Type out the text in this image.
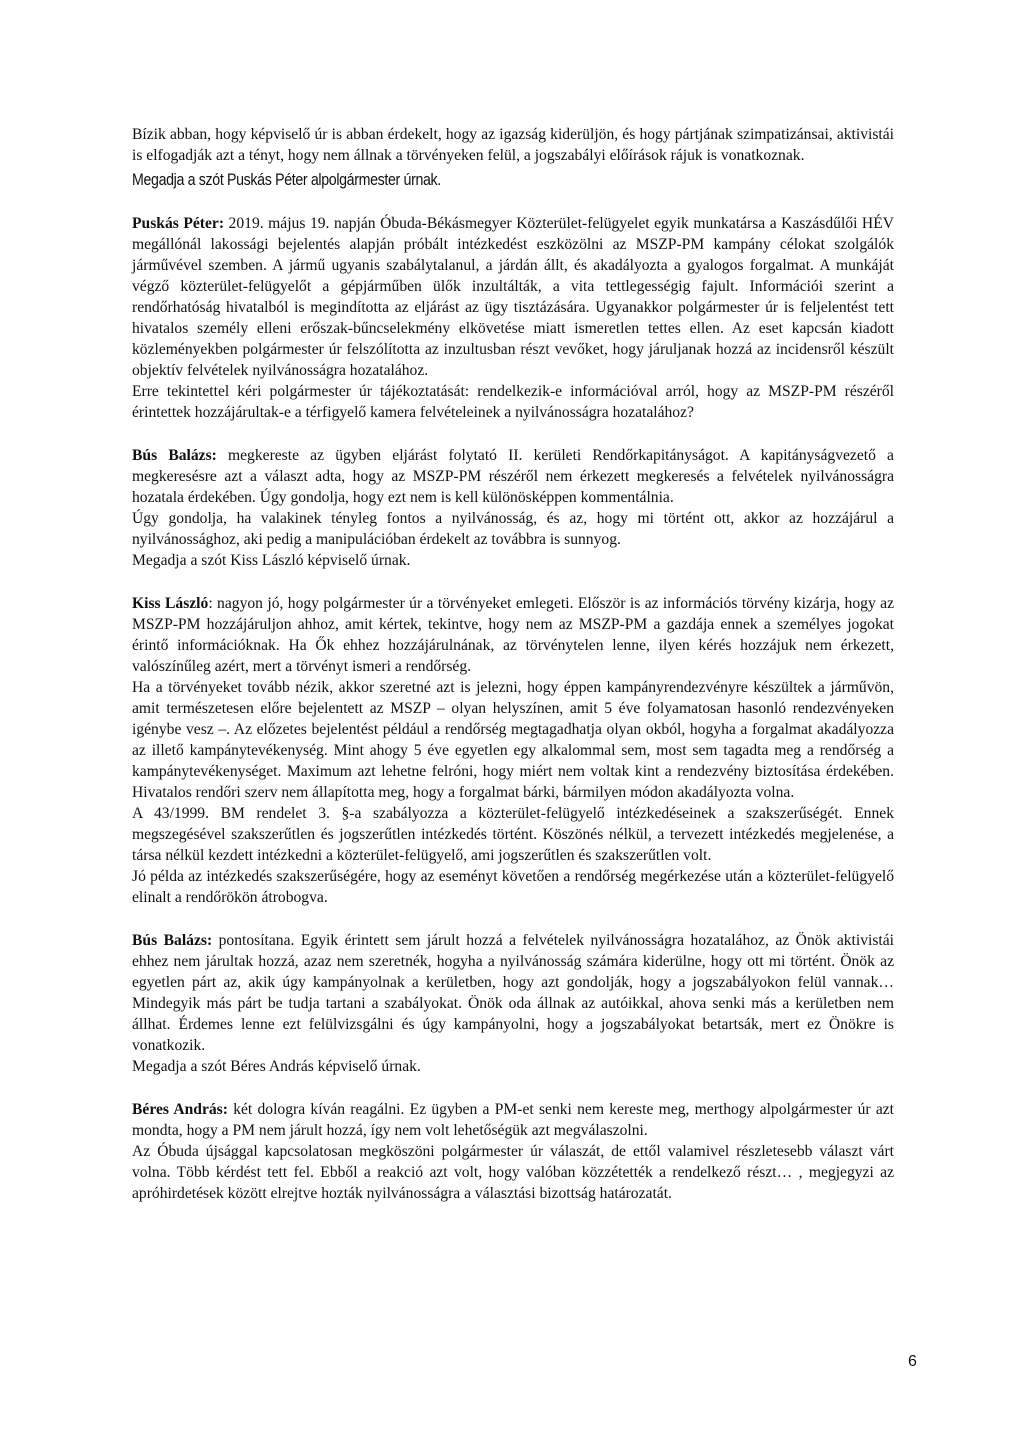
Bízik abban, hogy képviselő úr is abban érdekelt, hogy az igazság kiderüljön, és hogy pártjának szimpatizánsai, aktivistái is elfogadják azt a tényt, hogy nem állnak a törvényeken felül, a jogszabályi előírások rájuk is vonatkoznak.

Megadja a szót Puskás Péter alpolgármester úrnak.

Puskás Péter: 2019. május 19. napján Óbuda-Békásmegyer Közterület-felügyelet egyik munkatársa a Kaszásdűlői HÉV megállónál lakossági bejelentés alapján próbált intézkedést eszközölni az MSZP-PM kampány célokat szolgálók járművével szemben. A jármű ugyanis szabálytalanul, a járdán állt, és akadályozta a gyalogos forgalmat. A munkáját végző közterület-felügyelőt a gépjárműben ülők inzultálták, a vita tettlegességig fajult. Információi szerint a rendőrhatóság hivatalból is megindította az eljárást az ügy tisztázására. Ugyanakkor polgármester úr is feljelentést tett hivatalos személy elleni erőszak-bűncselekmény elkövetése miatt ismeretlen tettes ellen. Az eset kapcsán kiadott közleményekben polgármester úr felszólította az inzultusban részt vevőket, hogy járuljanak hozzá az incidensről készült objektív felvételek nyilvánosságra hozatalához.

Erre tekintettel kéri polgármester úr tájékoztatását: rendelkezik-e információval arról, hogy az MSZP-PM részéről érintettek hozzájárultak-e a térfigyelő kamera felvételeinek a nyilvánosságra hozatalához?

Bús Balázs: megkereste az ügyben eljárást folytató II. kerületi Rendőrkapitányságot. A kapitányságvezető a megkeresésre azt a választ adta, hogy az MSZP-PM részéről nem érkezett megkeresés a felvételek nyilvánosságra hozatala érdekében. Úgy gondolja, hogy ezt nem is kell különösképpen kommentálnia.

Úgy gondolja, ha valakinek tényleg fontos a nyilvánosság, és az, hogy mi történt ott, akkor az hozzájárul a nyilvánossághoz, aki pedig a manipulációban érdekelt az továbbra is sunnyog.

Megadja a szót Kiss László képviselő úrnak.

Kiss László: nagyon jó, hogy polgármester úr a törvényeket emlegeti. Először is az információs törvény kizárja, hogy az MSZP-PM hozzájáruljon ahhoz, amit kértek, tekintve, hogy nem az MSZP-PM a gazdája ennek a személyes jogokat érintő információknak. Ha Ők ehhez hozzájárulnának, az törvénytelen lenne, ilyen kérés hozzájuk nem érkezett, valószínűleg azért, mert a törvényt ismeri a rendőrség.

Ha a törvényeket tovább nézik, akkor szeretné azt is jelezni, hogy éppen kampányrendezvényre készültek a járművön, amit természetesen előre bejelentett az MSZP – olyan helyszínen, amit 5 éve folyamatosan hasonló rendezvényeken igénybe vesz –. Az előzetes bejelentést például a rendőrség megtagadhatja olyan okból, hogyha a forgalmat akadályozza az illető kampánytevékenység. Mint ahogy 5 éve egyetlen egy alkalommal sem, most sem tagadta meg a rendőrség a kampánytevékenységet. Maximum azt lehetne felróni, hogy miért nem voltak kint a rendezvény biztosítása érdekében. Hivatalos rendőri szerv nem állapította meg, hogy a forgalmat bárki, bármilyen módon akadályozta volna.

A 43/1999. BM rendelet 3. §-a szabályozza a közterület-felügyelő intézkedéseinek a szakszerűségét. Ennek megszegésével szakszerűtlen és jogszerűtlen intézkedés történt. Köszönés nélkül, a tervezett intézkedés megjelenése, a társa nélkül kezdett intézkedni a közterület-felügyelő, ami jogszerűtlen és szakszerűtlen volt.

Jó példa az intézkedés szakszerűségére, hogy az eseményt követően a rendőrség megérkezése után a közterület-felügyelő elinalt a rendőrökön átrobogva.

Bús Balázs: pontosítana. Egyik érintett sem járult hozzá a felvételek nyilvánosságra hozatalához, az Önök aktivistái ehhez nem járultak hozzá, azaz nem szeretnék, hogyha a nyilvánosság számára kiderülne, hogy ott mi történt. Önök az egyetlen párt az, akik úgy kampányolnak a kerületben, hogy azt gondolják, hogy a jogszabályokon felül vannak… Mindegyik más párt be tudja tartani a szabályokat. Önök oda állnak az autóikkal, ahova senki más a kerületben nem állhat. Érdemes lenne ezt felülvizsgálni és úgy kampányolni, hogy a jogszabályokat betartsák, mert ez Önökre is vonatkozik.

Megadja a szót Béres András képviselő úrnak.

Béres András: két dologra kíván reagálni. Ez ügyben a PM-et senki nem kereste meg, merthogy alpolgármester úr azt mondta, hogy a PM nem járult hozzá, így nem volt lehetőségük azt megválaszolni.

Az Óbuda újsággal kapcsolatosan megköszöni polgármester úr válaszát, de ettől valamivel részletesebb választ várt volna. Több kérdést tett fel. Ebből a reakció azt volt, hogy valóban közzétették a rendelkező részt… , megjegyzi az apróhirdetések között elrejtve hozták nyilvánosságra a választási bizottság határozatát.

6
